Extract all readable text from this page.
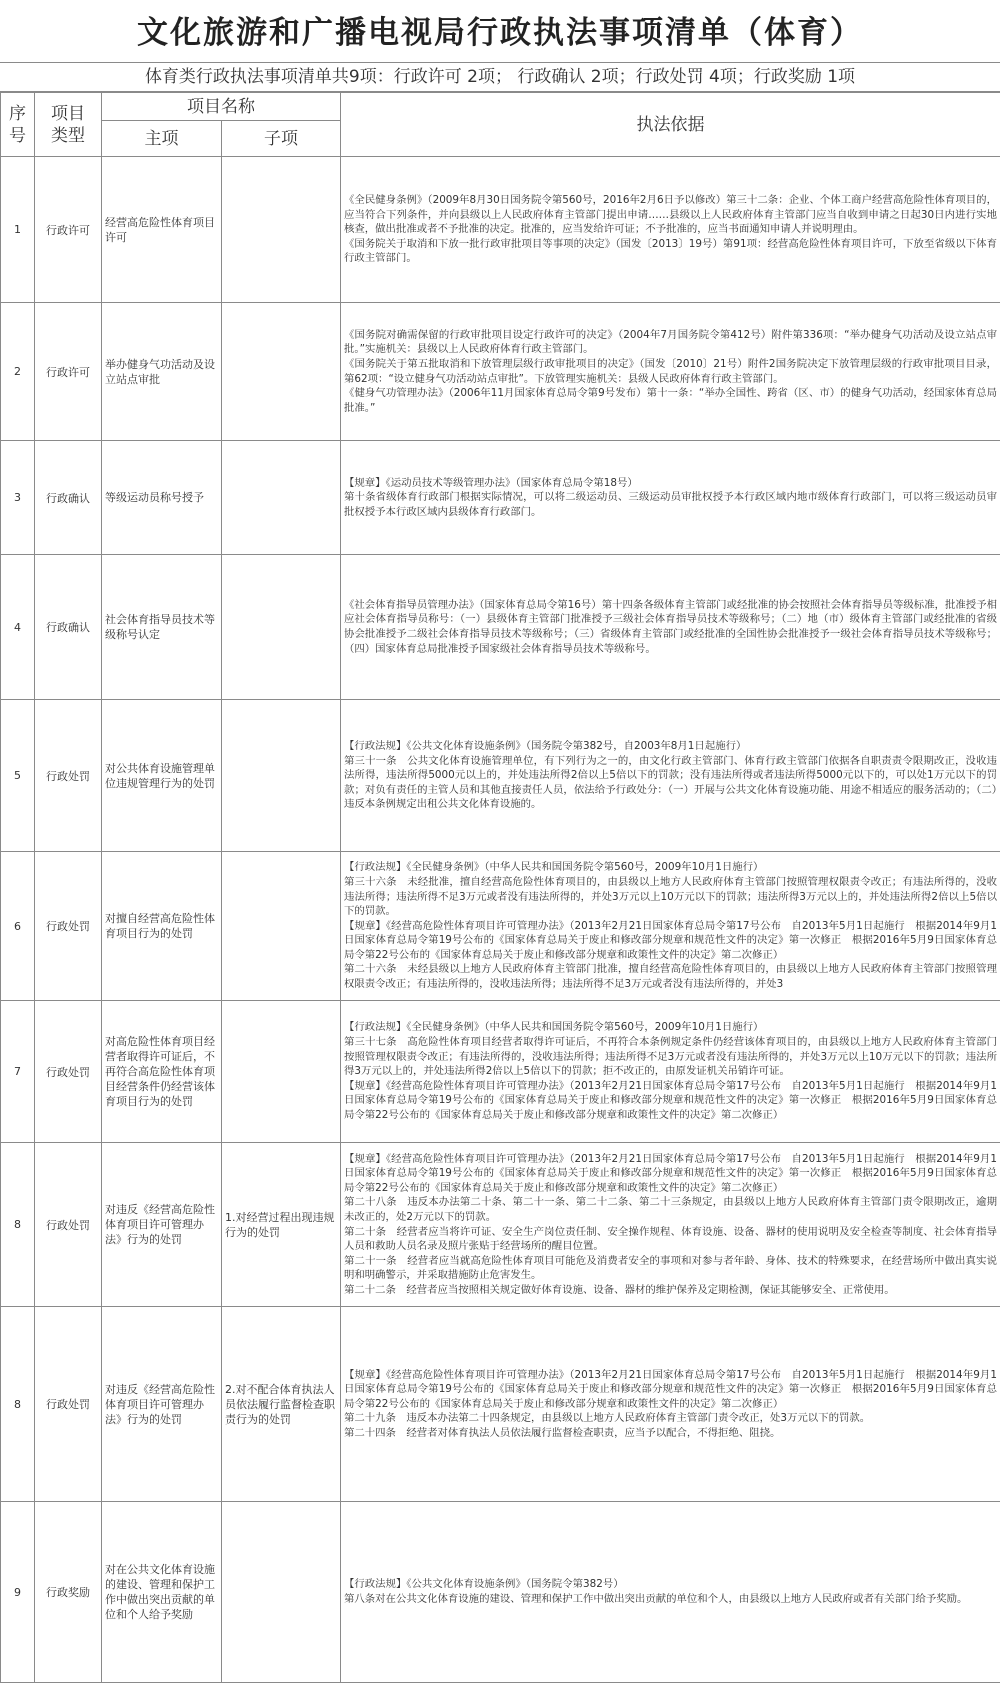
文化旅游和广播电视局行政执法事项清单（体育）
体育类行政执法事项清单共9项：行政许可 2项； 行政确认 2项；行政处罚 4项；行政奖励 1项
序号	项目类型	项目名称		执法依据
		主项	子项	
1	行政许可	经营高危险性体育项目许可		《全民健身条例》（2009年8月30日国务院令第560号，2016年2月6日予以修改）第三十二条：企业、个体工商户经营高危险性体育项目的，应当符合下列条件，并向县级以上人民政府体育主管部门提出申请……县级以上人民政府体育主管部门应当自收到申请之日起30日内进行实地核查，做出批准或者不予批准的决定。批准的，应当发给许可证；不予批准的，应当书面通知申请人并说明理由。

《国务院关于取消和下放一批行政审批项目等事项的决定》（国发〔2013〕19号）第91项：经营高危险性体育项目许可，下放至省级以下体育行政主管部门。

2	行政许可	举办健身气功活动及设立站点审批		《国务院对确需保留的行政审批项目设定行政许可的决定》（2004年7月国务院令第412号）附件第336项：“举办健身气功活动及设立站点审批。”实施机关：县级以上人民政府体育行政主管部门。

《国务院关于第五批取消和下放管理层级行政审批项目的决定》（国发〔2010〕21号）附件2国务院决定下放管理层级的行政审批项目目录，第62项：“设立健身气功活动站点审批”。下放管理实施机关：县级人民政府体育行政主管部门。

《健身气功管理办法》（2006年11月国家体育总局令第9号发布）第十一条：“举办全国性、跨省（区、市）的健身气功活动，经国家体育总局批准。”

3	行政确认	等级运动员称号授予		【规章】《运动员技术等级管理办法》（国家体育总局令第18号）

第十条省级体育行政部门根据实际情况，可以将二级运动员、三级运动员审批权授予本行政区域内地市级体育行政部门，可以将三级运动员审批权授予本行政区域内县级体育行政部门。

4	行政确认	社会体育指导员技术等级称号认定		《社会体育指导员管理办法》（国家体育总局令第16号）第十四条各级体育主管部门或经批准的协会按照社会体育指导员等级标准，批准授予相应社会体育指导员称号：（一）县级体育主管部门批准授予三级社会体育指导员技术等级称号；（二）地（市）级体育主管部门或经批准的省级协会批准授予二级社会体育指导员技术等级称号；（三）省级体育主管部门或经批准的全国性协会批准授予一级社会体育指导员技术等级称号；（四）国家体育总局批准授予国家级社会体育指导员技术等级称号。

5	行政处罚	对公共体育设施管理单位违规管理行为的处罚		【行政法规】《公共文化体育设施条例》（国务院令第382号，自2003年8月1日起施行）

第三十一条　公共文化体育设施管理单位，有下列行为之一的，由文化行政主管部门、体育行政主管部门依据各自职责责令限期改正，没收违法所得，违法所得5000元以上的，并处违法所得2倍以上5倍以下的罚款；没有违法所得或者违法所得5000元以下的，可以处1万元以下的罚款；对负有责任的主管人员和其他直接责任人员，依法给予行政处分：（一）开展与公共文化体育设施功能、用途不相适应的服务活动的；（二）违反本条例规定出租公共文化体育设施的。

6	行政处罚	对擅自经营高危险性体育项目行为的处罚		【行政法规】《全民健身条例》（中华人民共和国国务院令第560号，2009年10月1日施行）

第三十六条　未经批准，擅自经营高危险性体育项目的，由县级以上地方人民政府体育主管部门按照管理权限责令改正；有违法所得的，没收违法所得；违法所得不足3万元或者没有违法所得的，并处3万元以上10万元以下的罚款；违法所得3万元以上的，并处违法所得2倍以上5倍以下的罚款。

【规章】《经营高危险性体育项目许可管理办法》（2013年2月21日国家体育总局令第17号公布　自2013年5月1日起施行　根据2014年9月1日国家体育总局令第19号公布的《国家体育总局关于废止和修改部分规章和规范性文件的决定》第一次修正　根据2016年5月9日国家体育总局令第22号公布的《国家体育总局关于废止和修改部分规章和政策性文件的决定》第二次修正）

第二十六条　未经县级以上地方人民政府体育主管部门批准，擅自经营高危险性体育项目的，由县级以上地方人民政府体育主管部门按照管理权限责令改正；有违法所得的，没收违法所得；违法所得不足3万元或者没有违法所得的，并处3

7	行政处罚	对高危险性体育项目经营者取得许可证后，不再符合高危险性体育项目经营条件仍经营该体育项目行为的处罚		【行政法规】《全民健身条例》（中华人民共和国国务院令第560号，2009年10月1日施行）

第三十七条　高危险性体育项目经营者取得许可证后，不再符合本条例规定条件仍经营该体育项目的，由县级以上地方人民政府体育主管部门按照管理权限责令改正；有违法所得的，没收违法所得；违法所得不足3万元或者没有违法所得的，并处3万元以上10万元以下的罚款；违法所得3万元以上的，并处违法所得2倍以上5倍以下的罚款；拒不改正的，由原发证机关吊销许可证。

【规章】《经营高危险性体育项目许可管理办法》（2013年2月21日国家体育总局令第17号公布　自2013年5月1日起施行　根据2014年9月1日国家体育总局令第19号公布的《国家体育总局关于废止和修改部分规章和规范性文件的决定》第一次修正　根据2016年5月9日国家体育总局令第22号公布的《国家体育总局关于废止和修改部分规章和政策性文件的决定》第二次修正）

8	行政处罚	对违反《经营高危险性体育项目许可管理办法》行为的处罚	1.对经营过程出现违规行为的处罚	【规章】《经营高危险性体育项目许可管理办法》（2013年2月21日国家体育总局令第17号公布　自2013年5月1日起施行　根据2014年9月1日国家体育总局令第19号公布的《国家体育总局关于废止和修改部分规章和规范性文件的决定》第一次修正　根据2016年5月9日国家体育总局令第22号公布的《国家体育总局关于废止和修改部分规章和政策性文件的决定》第二次修正）

第二十八条　违反本办法第二十条、第二十一条、第二十二条、第二十三条规定，由县级以上地方人民政府体育主管部门责令限期改正，逾期未改正的，处2万元以下的罚款。

第二十条　经营者应当将许可证、安全生产岗位责任制、安全操作规程、体育设施、设备、器材的使用说明及安全检查等制度、社会体育指导人员和救助人员名录及照片张贴于经营场所的醒目位置。

第二十一条　经营者应当就高危险性体育项目可能危及消费者安全的事项和对参与者年龄、身体、技术的特殊要求，在经营场所中做出真实说明和明确警示，并采取措施防止危害发生。

第二十二条　经营者应当按照相关规定做好体育设施、设备、器材的维护保养及定期检测，保证其能够安全、正常使用。

8	行政处罚	对违反《经营高危险性体育项目许可管理办法》行为的处罚	2.对不配合体育执法人员依法履行监督检查职责行为的处罚	【规章】《经营高危险性体育项目许可管理办法》（2013年2月21日国家体育总局令第17号公布　自2013年5月1日起施行　根据2014年9月1日国家体育总局令第19号公布的《国家体育总局关于废止和修改部分规章和规范性文件的决定》第一次修正　根据2016年5月9日国家体育总局令第22号公布的《国家体育总局关于废止和修改部分规章和政策性文件的决定》第二次修正）

第二十九条　违反本办法第二十四条规定，由县级以上地方人民政府体育主管部门责令改正，处3万元以下的罚款。

第二十四条　经营者对体育执法人员依法履行监督检查职责，应当予以配合，不得拒绝、阻挠。

9	行政奖励	对在公共文化体育设施的建设、管理和保护工作中做出突出贡献的单位和个人给予奖励		【行政法规】《公共文化体育设施条例》（国务院令第382号）

第八条对在公共文化体育设施的建设、管理和保护工作中做出突出贡献的单位和个人，由县级以上地方人民政府或者有关部门给予奖励。
